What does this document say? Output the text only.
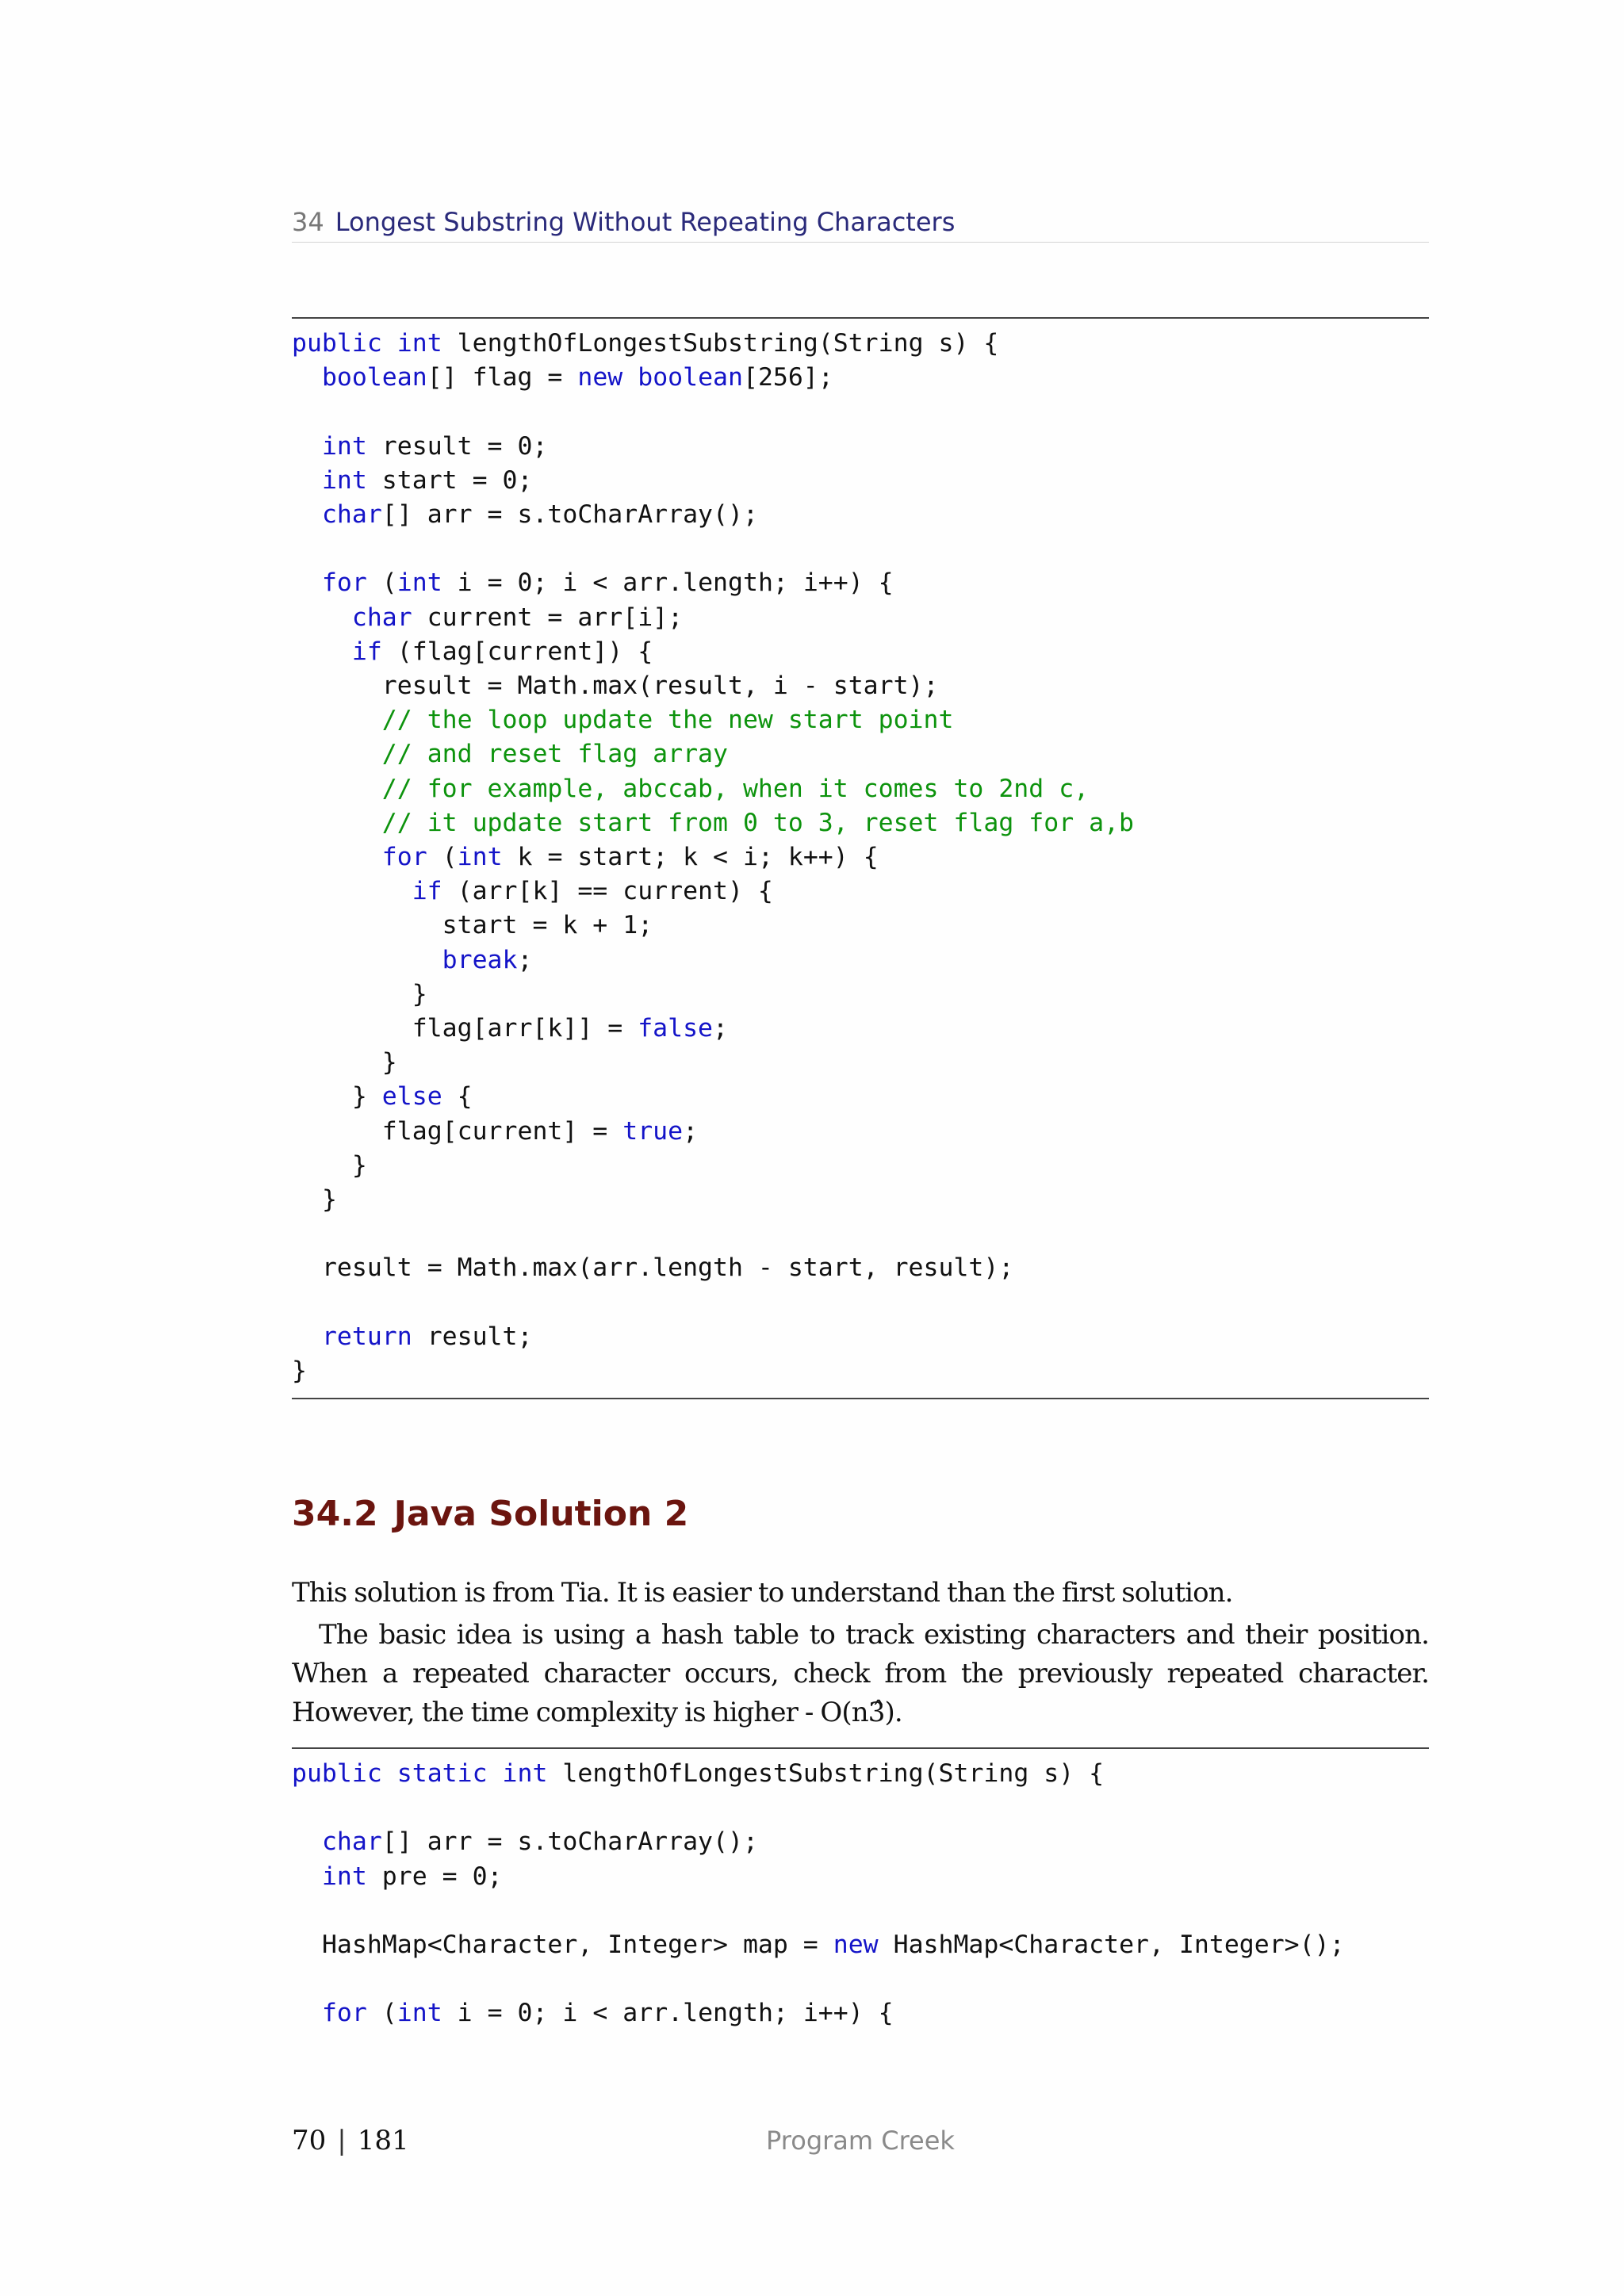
34 Longest Substring Without Repeating Characters
public int lengthOfLongestSubstring(String s) {
boolean[] flag = new boolean[256];

int result = 0;
int start = 0;
char[] arr = s.toCharArray();

for (int i = 0; i < arr.length; i++) {
char current = arr[i];
if (flag[current]) {
result = Math.max(result, i - start);
// the loop update the new start point
// and reset flag array
// for example, abccab, when it comes to 2nd c,
// it update start from 0 to 3, reset flag for a,b
for (int k = start; k < i; k++) {
if (arr[k] == current) {
start = k + 1;
break;
}
flag[arr[k]] = false;
}
} else {
flag[current] = true;
}
}

result = Math.max(arr.length - start, result);

return result;
}
34.2 Java Solution 2

This solution is from Tia. It is easier to understand than the first solution.

The basic idea is using a hash table to track existing characters and their position. When a repeated character occurs, check from the previously repeated character. However, the time complexity is higher - O(n3̂).

public static int lengthOfLongestSubstring(String s) {

char[] arr = s.toCharArray();
int pre = 0;

HashMap<Character, Integer> map = new HashMap<Character, Integer>();

for (int i = 0; i < arr.length; i++) {
70 | 181	Program Creek
